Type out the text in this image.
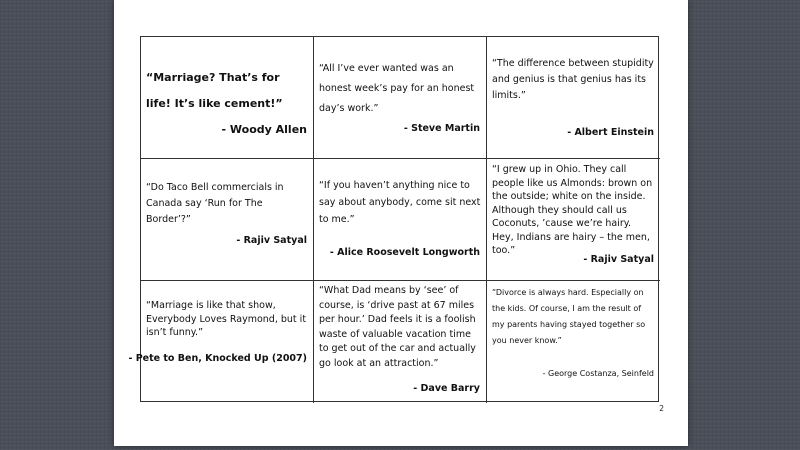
“Marriage? That’s for life! It’s like cement!”

- Woody Allen

“All I’ve ever wanted was an honest week’s pay for an honest day’s work.”

- Steve Martin

“The difference between stupidity and genius is that genius has its limits.”

- Albert Einstein

“Do Taco Bell commercials in Canada say ‘Run for The Border’?”

- Rajiv Satyal

“If you haven’t anything nice to say about anybody, come sit next to me.”

- Alice Roosevelt Longworth

“I grew up in Ohio. They call people like us Almonds: brown on the outside; white on the inside. Although they should call us Coconuts, ’cause we’re hairy. Hey, Indians are hairy – the men, too.”

- Rajiv Satyal

“Marriage is like that show, Everybody Loves Raymond, but it isn’t funny.”

- Pete to Ben, Knocked Up (2007)

“What Dad means by ‘see’ of course, is ‘drive past at 67 miles per hour.’ Dad feels it is a foolish waste of valuable vacation time to get out of the car and actually go look at an attraction.”

- Dave Barry

“Divorce is always hard. Especially on the kids. Of course, I am the result of my parents having stayed together so you never know.”

- George Costanza, Seinfeld

2
